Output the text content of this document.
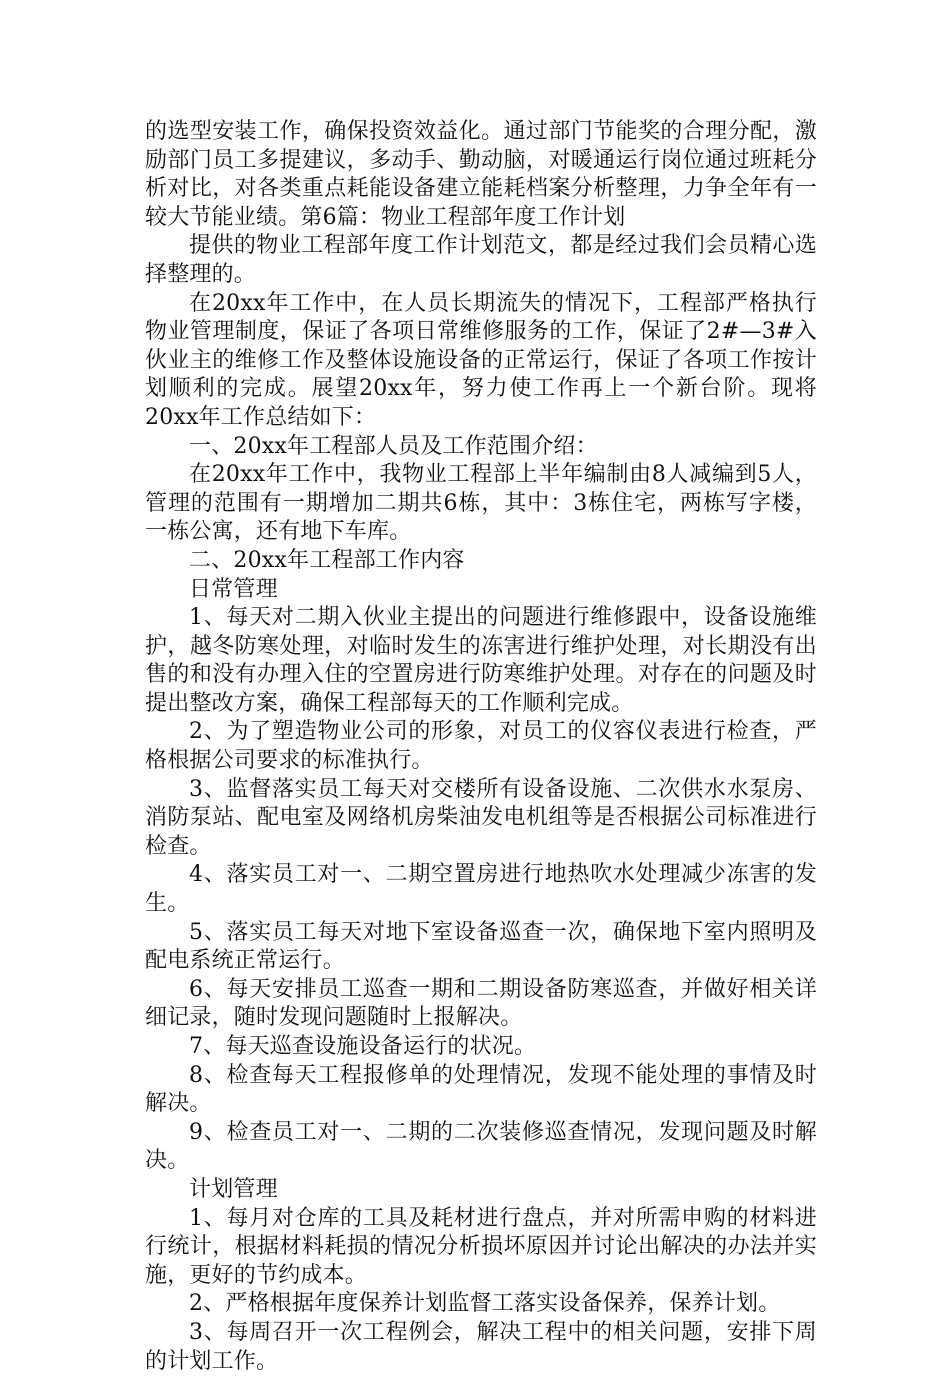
的选型安装工作，确保投资效益化。通过部门节能奖的合理分配，激励部门员工多提建议，多动手、勤动脑，对暖通运行岗位通过班耗分析对比，对各类重点耗能设备建立能耗档案分析整理，力争全年有一较大节能业绩。第6篇：物业工程部年度工作计划

提供的物业工程部年度工作计划范文，都是经过我们会员精心选择整理的。

在20xx年工作中，在人员长期流失的情况下，工程部严格执行物业管理制度，保证了各项日常维修服务的工作，保证了2#—3#入伙业主的维修工作及整体设施设备的正常运行，保证了各项工作按计划顺利的完成。展望20xx年，努力使工作再上一个新台阶。现将20xx年工作总结如下：

一、20xx年工程部人员及工作范围介绍：

在20xx年工作中，我物业工程部上半年编制由8人减编到5人，管理的范围有一期增加二期共6栋，其中：3栋住宅，两栋写字楼，一栋公寓，还有地下车库。

二、20xx年工程部工作内容

日常管理

1、每天对二期入伙业主提出的问题进行维修跟中，设备设施维护，越冬防寒处理，对临时发生的冻害进行维护处理，对长期没有出售的和没有办理入住的空置房进行防寒维护处理。对存在的问题及时提出整改方案，确保工程部每天的工作顺利完成。

2、为了塑造物业公司的形象，对员工的仪容仪表进行检查，严格根据公司要求的标准执行。

3、监督落实员工每天对交楼所有设备设施、二次供水水泵房、消防泵站、配电室及网络机房柴油发电机组等是否根据公司标准进行检查。

4、落实员工对一、二期空置房进行地热吹水处理减少冻害的发生。

5、落实员工每天对地下室设备巡查一次，确保地下室内照明及配电系统正常运行。

6、每天安排员工巡查一期和二期设备防寒巡查，并做好相关详细记录，随时发现问题随时上报解决。

7、每天巡查设施设备运行的状况。

8、检查每天工程报修单的处理情况，发现不能处理的事情及时解决。

9、检查员工对一、二期的二次装修巡查情况，发现问题及时解决。

计划管理

1、每月对仓库的工具及耗材进行盘点，并对所需申购的材料进行统计，根据材料耗损的情况分析损坏原因并讨论出解决的办法并实施，更好的节约成本。

2、严格根据年度保养计划监督工落实设备保养，保养计划。

3、每周召开一次工程例会，解决工程中的相关问题，安排下周的计划工作。
